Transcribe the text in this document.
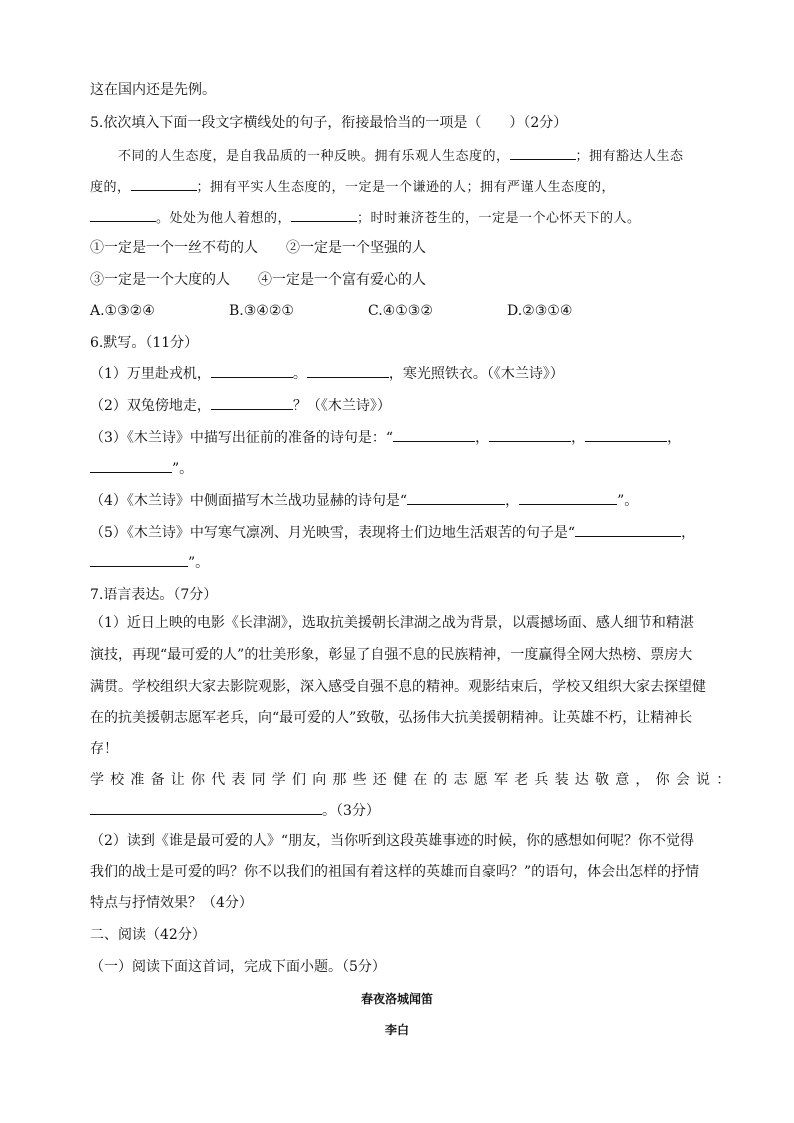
这在国内还是先例。
5.依次填入下面一段文字横线处的句子，衔接最恰当的一项是（　　）（2分）
不同的人生态度，是自我品质的一种反映。拥有乐观人生态度的，	；拥有豁达人生态
度的，	；拥有平实人生态度的，一定是一个谦逊的人；拥有严谨人生态度的，
。处处为他人着想的，	；时时兼济苍生的，一定是一个心怀天下的人。
①一定是一个一丝不苟的人　　②一定是一个坚强的人
③一定是一个大度的人　　④一定是一个富有爱心的人
A.①③②④	B.③④②①	C.④①③②	D.②③①④
6.默写。（11分）
（1）万里赴戎机，	。	，寒光照铁衣。（《木兰诗》）
（2）双兔傍地走，	？（《木兰诗》）
（3）《木兰诗》中描写出征前的准备的诗句是：“	，	，	，
”。
（4）《木兰诗》中侧面描写木兰战功显赫的诗句是“	，	”。
（5）《木兰诗》中写寒气凛冽、月光映雪，表现将士们边地生活艰苦的句子是“	，
”。
7.语言表达。（7分）
（1）近日上映的电影《长津湖》，选取抗美援朝长津湖之战为背景，以震撼场面、感人细节和精湛
演技，再现“最可爱的人”的壮美形象，彰显了自强不息的民族精神，一度赢得全网大热榜、票房大
满贯。学校组织大家去影院观影，深入感受自强不息的精神。观影结束后，学校又组织大家去探望健
在的抗美援朝志愿军老兵，向“最可爱的人”致敬，弘扬伟大抗美援朝精神。让英雄不朽，让精神长
存！
学校准备让你代表同学们向那些还健在的志愿军老兵装达敬意，你会说：
。（3分）
（2）读到《谁是最可爱的人》“朋友，当你听到这段英雄事迹的时候，你的感想如何呢？你不觉得
我们的战士是可爱的吗？你不以我们的祖国有着这样的英雄而自豪吗？”的语句，体会出怎样的抒情
特点与抒情效果？（4分）
二、阅读（42分）
（一）阅读下面这首词，完成下面小题。（5分）
春夜洛城闻笛
李白
